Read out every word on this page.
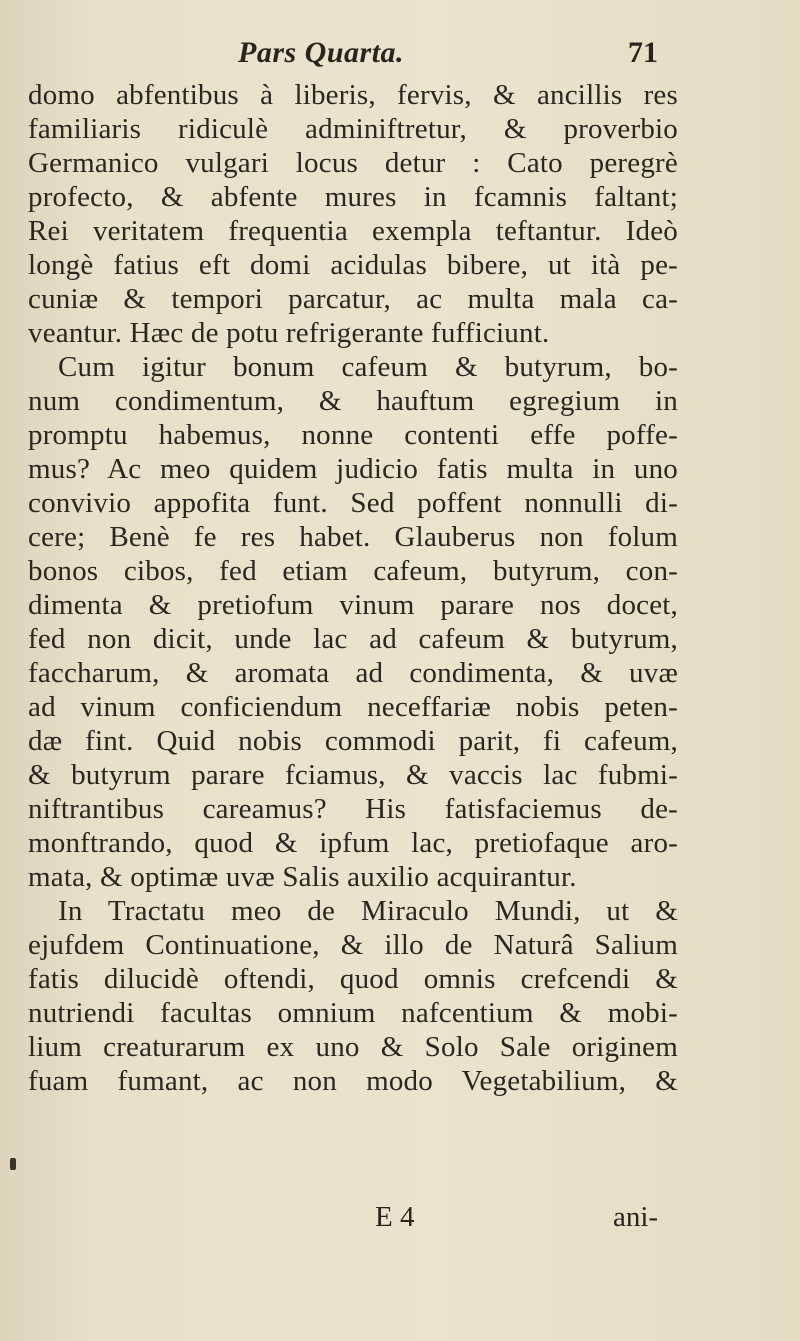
Pars Quarta.	71
domo abfentibus à liberis, fervis, & ancillis res
familiaris ridiculè adminiftretur, & proverbio
Germanico vulgari locus detur : Cato peregrè
profecto, & abfente mures in fcamnis faltant;
Rei veritatem frequentia exempla teftantur. Ideò
longè fatius eft domi acidulas bibere, ut ità pe-
cuniæ & tempori parcatur, ac multa mala ca-
veantur. Hæc de potu refrigerante fufficiunt.
Cum igitur bonum cafeum & butyrum, bo-
num condimentum, & hauftum egregium in
promptu habemus, nonne contenti effe poffe-
mus? Ac meo quidem judicio fatis multa in uno
convivio appofita funt. Sed poffent nonnulli di-
cere; Benè fe res habet. Glauberus non folum
bonos cibos, fed etiam cafeum, butyrum, con-
dimenta & pretiofum vinum parare nos docet,
fed non dicit, unde lac ad cafeum & butyrum,
faccharum, & aromata ad condimenta, & uvæ
ad vinum conficiendum neceffariæ nobis peten-
dæ fint. Quid nobis commodi parit, fi cafeum,
& butyrum parare fciamus, & vaccis lac fubmi-
niftrantibus careamus? His fatisfaciemus de-
monftrando, quod & ipfum lac, pretiofaque aro-
mata, & optimæ uvæ Salis auxilio acquirantur.
In Tractatu meo de Miraculo Mundi, ut &
ejufdem Continuatione, & illo de Naturâ Salium
fatis dilucidè oftendi, quod omnis crefcendi &
nutriendi facultas omnium nafcentium & mobi-
lium creaturarum ex uno & Solo Sale originem
fuam fumant, ac non modo Vegetabilium, &
E 4	ani-
